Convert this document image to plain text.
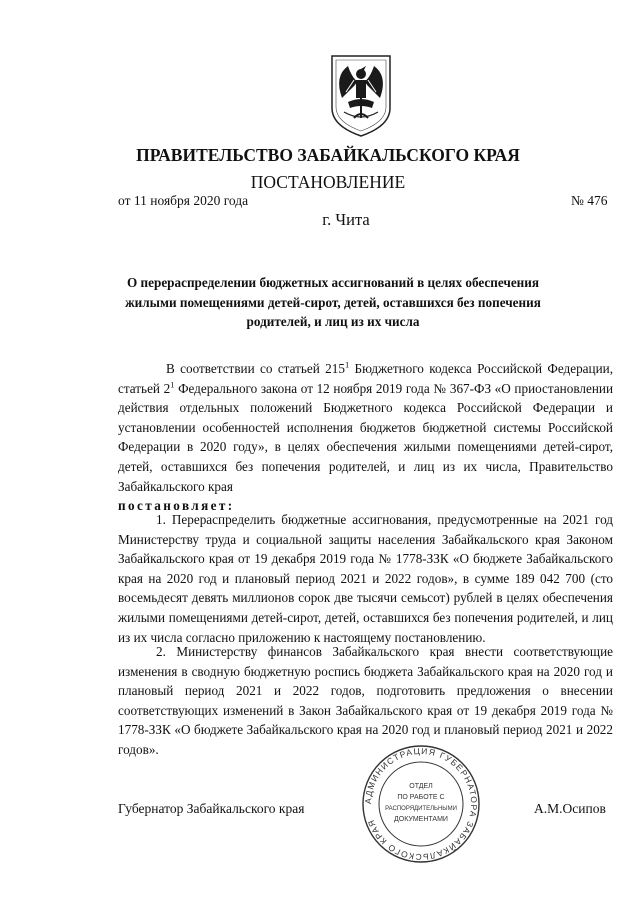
ПРАВИТЕЛЬСТВО ЗАБАЙКАЛЬСКОГО КРАЯ
ПОСТАНОВЛЕНИЕ
от 11 ноября 2020 года	№ 476
г. Чита
О перераспределении бюджетных ассигнований в целях обеспечения жилыми помещениями детей-сирот, детей, оставшихся без попечения родителей, и лиц из их числа
В соответствии со статьей $215^1$ Бюджетного кодекса Российской Федерации, статьей $2^1$ Федерального закона от 12 ноября 2019 года № 367-ФЗ «О приостановлении действия отдельных положений Бюджетного кодекса Российской Федерации и установлении особенностей исполнения бюджетов бюджетной системы Российской Федерации в 2020 году», в целях обеспечения жилыми помещениями детей-сирот, детей, оставшихся без попечения родителей, и лиц из их числа, Правительство Забайкальского края
постановляет:
1. Перераспределить бюджетные ассигнования, предусмотренные на 2021 год Министерству труда и социальной защиты населения Забайкальского края Законом Забайкальского края от 19 декабря 2019 года № 1778-ЗЗК «О бюджете Забайкальского края на 2020 год и плановый период 2021 и 2022 годов», в сумме 189 042 700 (сто восемьдесят девять миллионов сорок две тысячи семьсот) рублей в целях обеспечения жилыми помещениями детей-сирот, детей, оставшихся без попечения родителей, и лиц из их числа согласно приложению к настоящему постановлению.
2. Министерству финансов Забайкальского края внести соответствующие изменения в сводную бюджетную роспись бюджета Забайкальского края на 2020 год и плановый период 2021 и 2022 годов, подготовить предложения о внесении соответствующих изменений в Закон Забайкальского края от 19 декабря 2019 года № 1778-ЗЗК «О бюджете Забайкальского края на 2020 год и плановый период 2021 и 2022 годов».
Губернатор Забайкальского края	А.М.Осипов
АДМИНИСТРАЦИЯ ГУБЕРНАТОРА ЗАБАЙКАЛЬСКОГО КРАЯ
ОТДЕЛ
ПО РАБОТЕ С
РАСПОРЯДИТЕЛЬНЫМИ
ДОКУМЕНТАМИ
